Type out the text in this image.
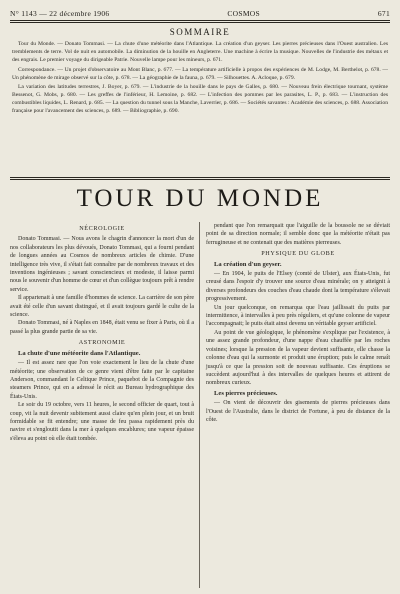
N° 1143 — 22 décembre 1906	COSMOS	671
SOMMAIRE

Tour du Monde. — Donato Tommasi. — La chute d'une météorite dans l'Atlantique. La création d'un geyser. Les pierres précieuses dans l'Ouest australien. Les tremblements de terre. Vol de nuit en automobile. La diminution de la houille en Angleterre. Une machine à écrire la musique. Nouvelles de l'industrie des métaux et des engrais. Le premier voyage du dirigeable Patrie. Nouvelle lampe pour les mineurs, p. 671.

Correspondance. — Un projet d'observatoire au Mont Blanc, p. 677. — La température artificielle à propos des expériences de M. Lodge, M. Berthelot, p. 678. — Un phénomène de mirage observé sur la côte, p. 678. — La géographie de la fauna, p. 679. — Silhouettes. A. Acloque, p. 679.

La variation des latitudes terrestres, J. Boyer, p. 679. — L'industrie de la houille dans le pays de Galles, p. 680. — Nouveau frein électrique tournant, système Bessenot, G. Mobs, p. 680. — Les greffes de l'inférieur, H. Lemoine, p. 682. — L'infection des pommes par les parasites, L. P., p. 683. — L'instruction des combustibles liquides, L. Renard, p. 685. — La question du tunnel sous la Manche, Laverrier, p. 686. — Sociétés savantes : Académie des sciences, p. 688. Association française pour l'avancement des sciences, p. 689. — Bibliographie, p. 690.

TOUR DU MONDE

NÉCROLOGIE

Donato Tommasi. — Nous avons le chagrin d'annoncer la mort d'un de nos collaborateurs les plus dévoués, Donato Tommasi, qui a fourni pendant de longues années au Cosmos de nombreux articles de chimie. D'une intelligence très vive, il s'était fait connaître par de nombreux travaux et des inventions ingénieuses ; savant consciencieux et modeste, il laisse parmi nous le souvenir d'un homme de cœur et d'un collègue toujours prêt à rendre service.

Il appartenait à une famille d'hommes de science. La carrière de son père avait été celle d'un savant distingué, et il avait toujours gardé le culte de la science.

Donato Tommasi, né à Naples en 1848, était venu se fixer à Paris, où il a passé la plus grande partie de sa vie.

ASTRONOMIE

La chute d'une météorite dans l'Atlantique.

— Il est assez rare que l'on voie exactement le lieu de la chute d'une météorite; une observation de ce genre vient d'être faite par le capitaine Anderson, commandant le Celtique Prince, paquebot de la Compagnie des steamers Prince, qui en a adressé le récit au Bureau hydrographique des États-Unis.

Le soir du 19 octobre, vers 11 heures, le second officier de quart, tout à coup, vit la nuit devenir subitement aussi claire qu'en plein jour, et un bruit formidable se fit entendre; une masse de feu passa rapidement près du navire et s'engloutit dans la mer à quelques encablures; une vapeur épaisse s'éleva au point où elle était tombée.

pendant que l'on remarquait que l'aiguille de la boussole ne se déviait point de sa direction normale; il semble donc que la météorite n'était pas ferrugineuse et ne contenait que des matières pierreuses.

PHYSIQUE DU GLOBE

La création d'un geyser.

— En 1904, le puits de l'Elsey (comté de Ulster), aux États-Unis, fut creusé dans l'espoir d'y trouver une source d'eau minérale; on y atteignit à diverses profondeurs des couches d'eau chaude dont la température s'élevait progressivement.

Un jour quelconque, on remarqua que l'eau jaillissait du puits par intermittence, à intervalles à peu près réguliers, et qu'une colonne de vapeur l'accompagnait; le puits était ainsi devenu un véritable geyser artificiel.

Au point de vue géologique, le phénomène s'explique par l'existence, à une assez grande profondeur, d'une nappe d'eau chauffée par les roches voisines; lorsque la pression de la vapeur devient suffisante, elle chasse la colonne d'eau qui la surmonte et produit une éruption; puis le calme renaît jusqu'à ce que la pression soit de nouveau suffisante. Ces éruptions se succèdent aujourd'hui à des intervalles de quelques heures et attirent de nombreux curieux.

Les pierres précieuses.

— On vient de découvrir des gisements de pierres précieuses dans l'Ouest de l'Australie, dans le district de Fortune, à peu de distance de la côte.
